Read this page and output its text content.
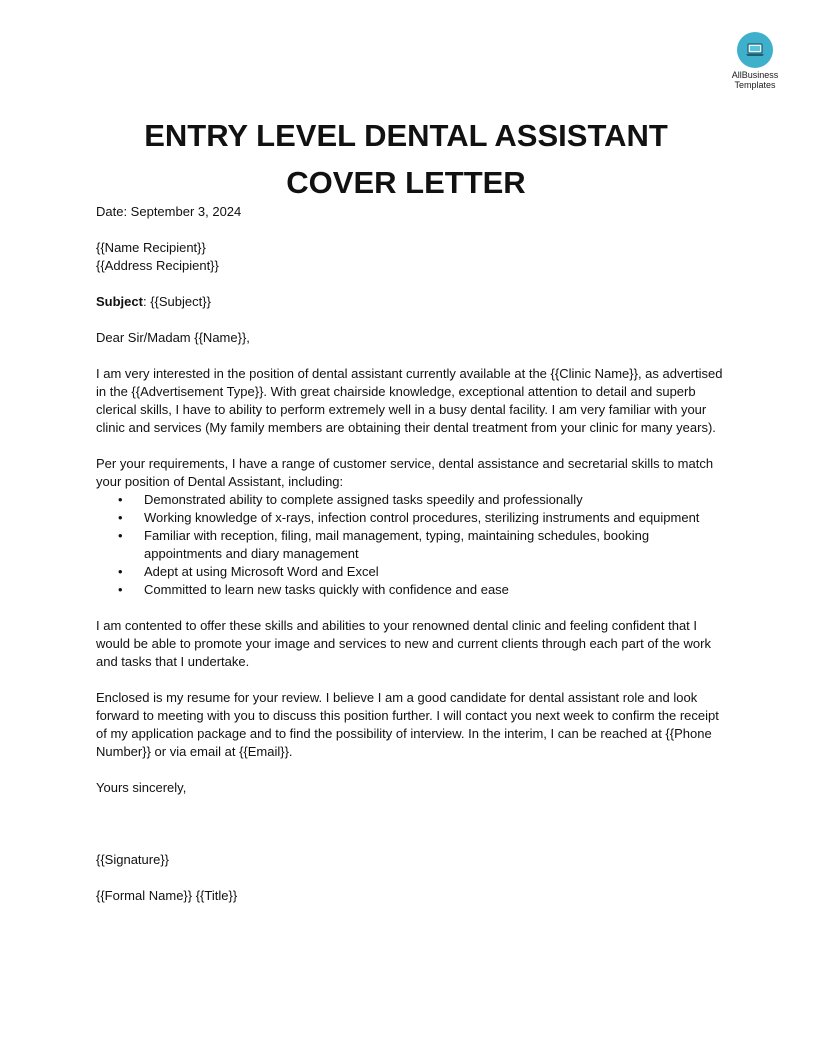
AllBusiness
Templates
ENTRY LEVEL DENTAL ASSISTANT COVER LETTER

Date: September 3, 2024

{{Name Recipient}}

{{Address Recipient}}

Subject: {{Subject}}

Dear Sir/Madam {{Name}},

I am very interested in the position of dental assistant currently available at the {{Clinic Name}}, as advertised in the {{Advertisement Type}}. With great chairside knowledge, exceptional attention to detail and superb clerical skills, I have to ability to perform extremely well in a busy dental facility. I am very familiar with your clinic and services (My family members are obtaining their dental treatment from your clinic for many years).

Per your requirements, I have a range of customer service, dental assistance and secretarial skills to match your position of Dental Assistant, including:

• Demonstrated ability to complete assigned tasks speedily and professionally
• Working knowledge of x-rays, infection control procedures, sterilizing instruments and equipment
• Familiar with reception, filing, mail management, typing, maintaining schedules, booking appointments and diary management
• Adept at using Microsoft Word and Excel
• Committed to learn new tasks quickly with confidence and ease

I am contented to offer these skills and abilities to your renowned dental clinic and feeling confident that I would be able to promote your image and services to new and current clients through each part of the work and tasks that I undertake.

Enclosed is my resume for your review. I believe I am a good candidate for dental assistant role and look forward to meeting with you to discuss this position further. I will contact you next week to confirm the receipt of my application package and to find the possibility of interview. In the interim, I can be reached at {{Phone Number}} or via email at {{Email}}.

Yours sincerely,

{{Signature}}

{{Formal Name}} {{Title}}
